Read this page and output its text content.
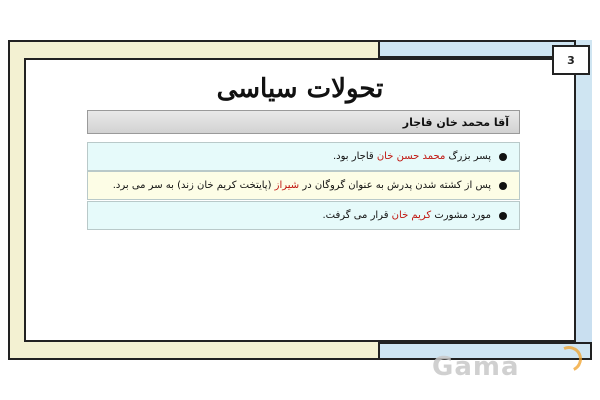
3
تحولات سیاسی
آقا محمد خان قاجار
پسر بزرگ محمد حسن خان قاجار بود.
پس از کشته شدن پدرش به عنوان گروگان در شیراز (پایتخت کریم خان زند) به سر می برد.
مورد مشورت کریم خان قرار می گرفت.
Gama
